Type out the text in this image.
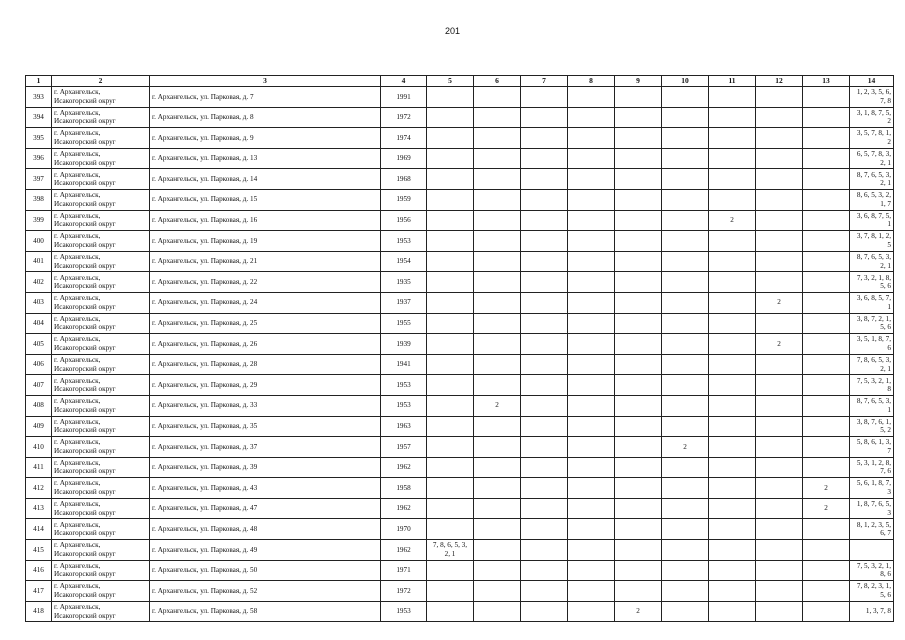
201
1	2	3	4	5	6	7	8	9	10	11	12	13	14
393	г. Архангельск,
Исакогорский округ	г. Архангельск, ул. Парковая, д. 7	1991										1, 2, 3, 5, 6,
7, 8
394	г. Архангельск,
Исакогорский округ	г. Архангельск, ул. Парковая, д. 8	1972										3, 1, 8, 7, 5,
2
395	г. Архангельск,
Исакогорский округ	г. Архангельск, ул. Парковая, д. 9	1974										3, 5, 7, 8, 1,
2
396	г. Архангельск,
Исакогорский округ	г. Архангельск, ул. Парковая, д. 13	1969										6, 5, 7, 8, 3,
2, 1
397	г. Архангельск,
Исакогорский округ	г. Архангельск, ул. Парковая, д. 14	1968										8, 7, 6, 5, 3,
2, 1
398	г. Архангельск,
Исакогорский округ	г. Архангельск, ул. Парковая, д. 15	1959										8, 6, 5, 3, 2,
1, 7
399	г. Архангельск,
Исакогорский округ	г. Архангельск, ул. Парковая, д. 16	1956							2			3, 6, 8, 7, 5,
1
400	г. Архангельск,
Исакогорский округ	г. Архангельск, ул. Парковая, д. 19	1953										3, 7, 8, 1, 2,
5
401	г. Архангельск,
Исакогорский округ	г. Архангельск, ул. Парковая, д. 21	1954										8, 7, 6, 5, 3,
2, 1
402	г. Архангельск,
Исакогорский округ	г. Архангельск, ул. Парковая, д. 22	1935										7, 3, 2, 1, 8,
5, 6
403	г. Архангельск,
Исакогорский округ	г. Архангельск, ул. Парковая, д. 24	1937								2		3, 6, 8, 5, 7,
1
404	г. Архангельск,
Исакогорский округ	г. Архангельск, ул. Парковая, д. 25	1955										3, 8, 7, 2, 1,
5, 6
405	г. Архангельск,
Исакогорский округ	г. Архангельск, ул. Парковая, д. 26	1939								2		3, 5, 1, 8, 7,
6
406	г. Архангельск,
Исакогорский округ	г. Архангельск, ул. Парковая, д. 28	1941										7, 8, 6, 5, 3,
2, 1
407	г. Архангельск,
Исакогорский округ	г. Архангельск, ул. Парковая, д. 29	1953										7, 5, 3, 2, 1,
8
408	г. Архангельск,
Исакогорский округ	г. Архангельск, ул. Парковая, д. 33	1953		2								8, 7, 6, 5, 3,
1
409	г. Архангельск,
Исакогорский округ	г. Архангельск, ул. Парковая, д. 35	1963										3, 8, 7, 6, 1,
5, 2
410	г. Архангельск,
Исакогорский округ	г. Архангельск, ул. Парковая, д. 37	1957						2				5, 8, 6, 1, 3,
7
411	г. Архангельск,
Исакогорский округ	г. Архангельск, ул. Парковая, д. 39	1962										5, 3, 1, 2, 8,
7, 6
412	г. Архангельск,
Исакогорский округ	г. Архангельск, ул. Парковая, д. 43	1958									2	5, 6, 1, 8, 7,
3
413	г. Архангельск,
Исакогорский округ	г. Архангельск, ул. Парковая, д. 47	1962									2	1, 8, 7, 6, 5,
3
414	г. Архангельск,
Исакогорский округ	г. Архангельск, ул. Парковая, д. 48	1970										8, 1, 2, 3, 5,
6, 7
415	г. Архангельск,
Исакогорский округ	г. Архангельск, ул. Парковая, д. 49	1962	7, 8, 6, 5, 3,
2, 1									
416	г. Архангельск,
Исакогорский округ	г. Архангельск, ул. Парковая, д. 50	1971										7, 5, 3, 2, 1,
8, 6
417	г. Архангельск,
Исакогорский округ	г. Архангельск, ул. Парковая, д. 52	1972										7, 8, 2, 3, 1,
5, 6
418	г. Архангельск,
Исакогорский округ	г. Архангельск, ул. Парковая, д. 58	1953					2					1, 3, 7, 8
